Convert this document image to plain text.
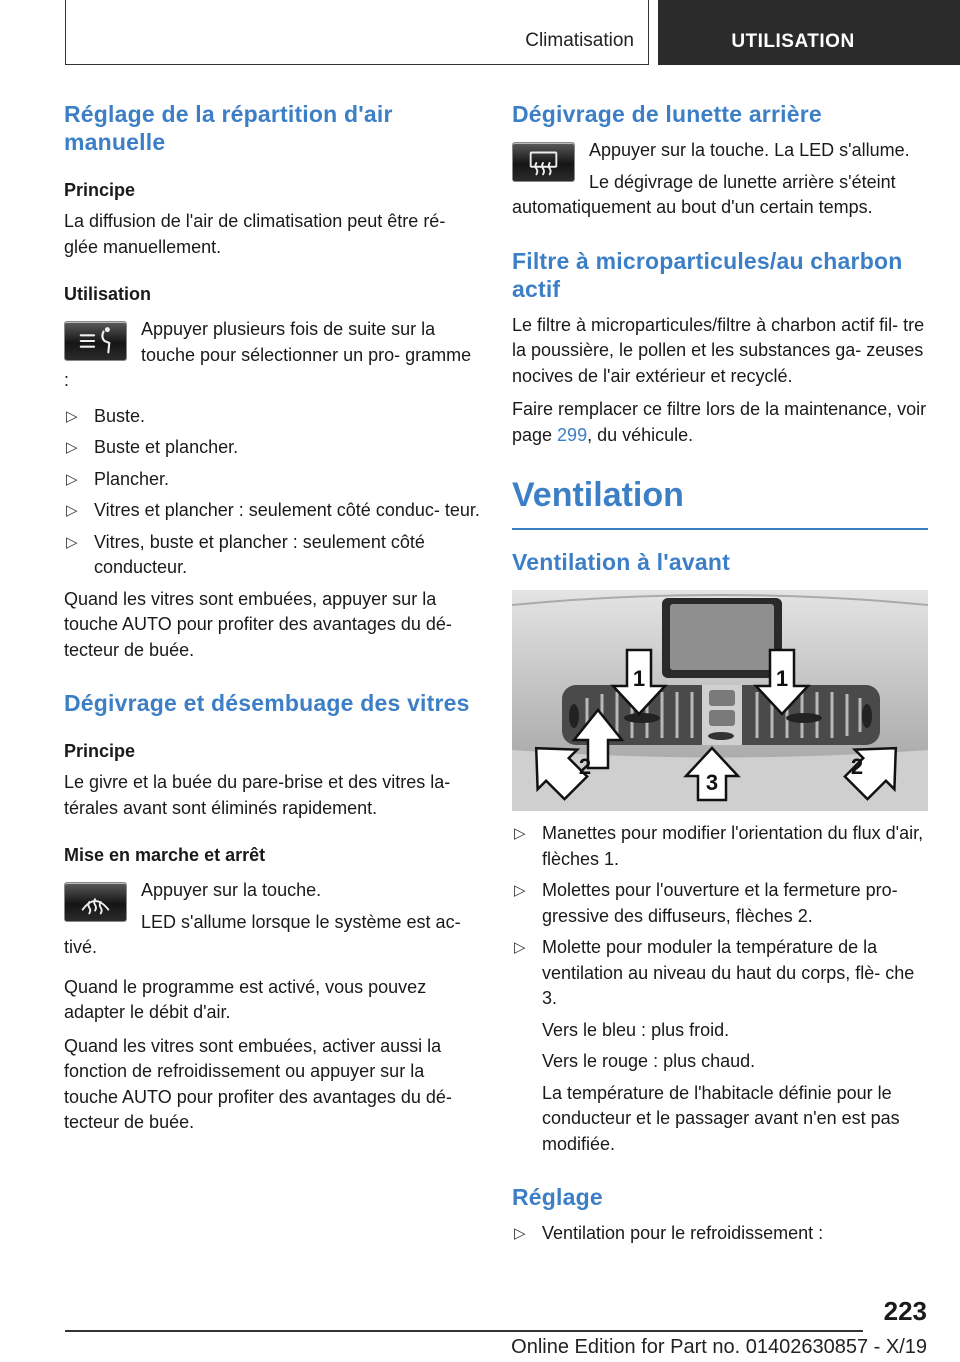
Climatisation	UTILISATION
Réglage de la répartition d'air manuelle
Principe

La diffusion de l'air de climatisation peut être ré‐ glée manuellement.

Utilisation

Appuyer plusieurs fois de suite sur la touche pour sélectionner un pro‐ gramme :

▷ Buste.
▷ Buste et plancher.
▷ Plancher.
▷ Vitres et plancher : seulement côté conduc‐ teur.
▷ Vitres, buste et plancher : seulement côté conducteur.

Quand les vitres sont embuées, appuyer sur la touche AUTO pour profiter des avantages du dé‐ tecteur de buée.

Dégivrage et désembuage des vitres
Principe

Le givre et la buée du pare-brise et des vitres la‐ térales avant sont éliminés rapidement.

Mise en marche et arrêt

Appuyer sur la touche.

LED s'allume lorsque le système est ac‐ tivé.

Quand le programme est activé, vous pouvez adapter le débit d'air.

Quand les vitres sont embuées, activer aussi la fonction de refroidissement ou appuyer sur la touche AUTO pour profiter des avantages du dé‐ tecteur de buée.

Dégivrage de lunette arrière

Appuyer sur la touche. La LED s'allume.

Le dégivrage de lunette arrière s'éteint automatiquement au bout d'un certain temps.

Filtre à microparticules/au charbon actif

Le filtre à microparticules/filtre à charbon actif fil‐ tre la poussière, le pollen et les substances ga‐ zeuses nocives de l'air extérieur et recyclé.

Faire remplacer ce filtre lors de la maintenance, voir page 299, du véhicule.

Ventilation
Ventilation à l'avant
1	1
2	2
3
▷ Manettes pour modifier l'orientation du flux d'air, flèches 1.
▷ Molettes pour l'ouverture et la fermeture pro‐ gressive des diffuseurs, flèches 2.
▷ Molette pour moduler la température de la ventilation au niveau du haut du corps, flè‐ che 3.

Vers le bleu : plus froid.

Vers le rouge : plus chaud.

La température de l'habitacle définie pour le conducteur et le passager avant n'en est pas modifiée.

Réglage
▷ Ventilation pour le refroidissement :
223
Online Edition for Part no. 01402630857 - X/19
